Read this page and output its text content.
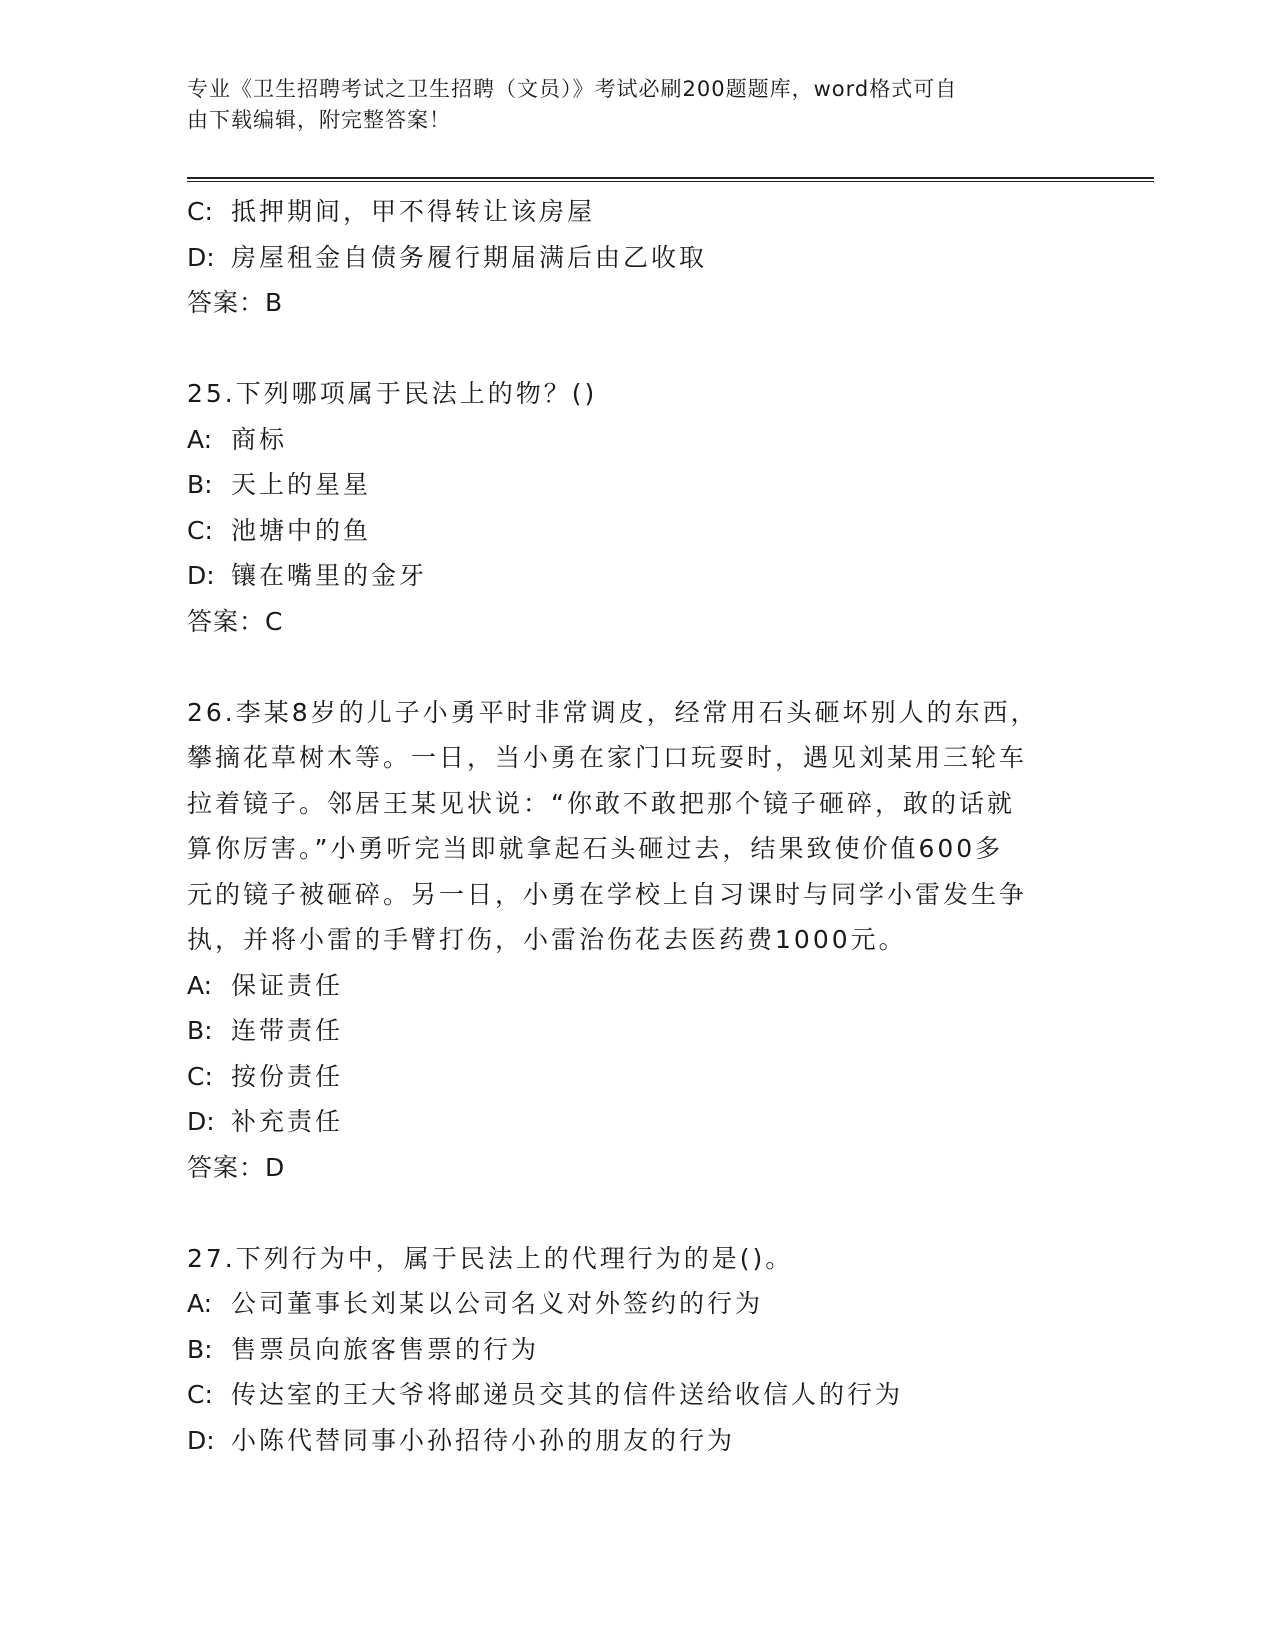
专业《卫生招聘考试之卫生招聘（文员）》考试必刷200题题库，word格式可自
由下载编辑，附完整答案！
C: 抵押期间，甲不得转让该房屋
D: 房屋租金自债务履行期届满后由乙收取
答案：B
25.下列哪项属于民法上的物？()
A: 商标
B: 天上的星星
C: 池塘中的鱼
D: 镶在嘴里的金牙
答案：C
26.李某8岁的儿子小勇平时非常调皮，经常用石头砸坏别人的东西，
攀摘花草树木等。一日，当小勇在家门口玩耍时，遇见刘某用三轮车
拉着镜子。邻居王某见状说：“你敢不敢把那个镜子砸碎，敢的话就
算你厉害。”小勇听完当即就拿起石头砸过去，结果致使价值600多
元的镜子被砸碎。另一日，小勇在学校上自习课时与同学小雷发生争
执，并将小雷的手臂打伤，小雷治伤花去医药费1000元。
A: 保证责任
B: 连带责任
C: 按份责任
D: 补充责任
答案：D
27.下列行为中，属于民法上的代理行为的是()。
A: 公司董事长刘某以公司名义对外签约的行为
B: 售票员向旅客售票的行为
C: 传达室的王大爷将邮递员交其的信件送给收信人的行为
D: 小陈代替同事小孙招待小孙的朋友的行为
